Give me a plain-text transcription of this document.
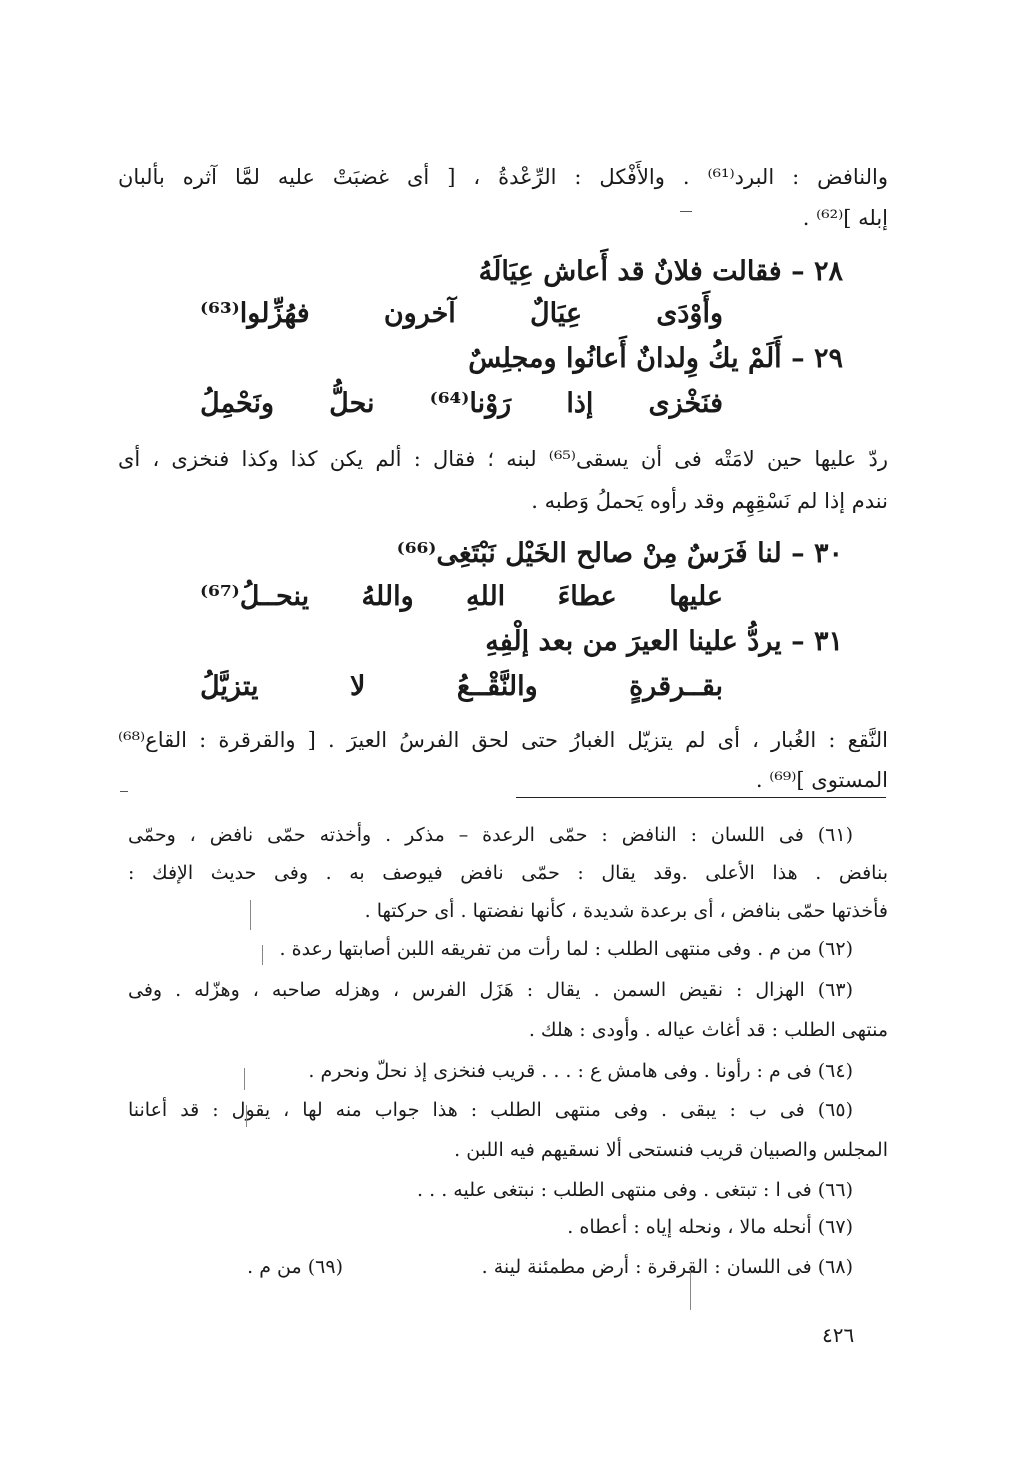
والنافض : البرد⁽⁶¹⁾ . والأَفْكل : الرِّعْدةُ ، [ أى غضبَتْ عليه لمَّا آثره بألبان
إبله ]⁽⁶²⁾ .
٢٨ – فقالت فلانٌ قد أَعاش عِيَالَهُ
وأَوْدَى عِيَالٌ آخرون فهُزِّلوا⁽⁶³⁾
٢٩ – أَلَمْ يكُ وِلدانٌ أَعانُوا ومجلِسٌ
فنَخْزى إذا رَوْنا⁽⁶⁴⁾ نحلُّ ونَحْمِلُ
ردّ عليها حين لامَتْه فى أن يسقى⁽⁶⁵⁾ لبنه ؛ فقال : ألم يكن كذا وكذا فنخزى ، أى
نندم إذا لم نَسْقِهِم وقد رأوه يَحملُ وَطبه .
٣٠ – لنا فَرَسٌ مِنْ صالح الخَيْل نَبْتَغِى⁽⁶⁶⁾
عليها عطاءَ اللهِ واللهُ ينحــلُ⁽⁶⁷⁾
٣١ – يردُّ علينا العيرَ من بعد إلْفِهِ
بقــرقرةٍ والنَّقْــعُ لا يتزيَّلُ
النَّقع : الغُبار ، أى لم يتزيّل الغبارُ حتى لحق الفرسُ العيرَ . [ والقرقرة : القاع⁽⁶⁸⁾
المستوى ]⁽⁶⁹⁾ .
(٦١) فى اللسان : النافض : حمّى الرعدة – مذكر . وأخذته حمّى نافض ، وحمّى
بنافض . هذا الأعلى .وقد يقال : حمّى نافض فيوصف به . وفى حديث الإفك :
فأخذتها حمّى بنافض ، أى برعدة شديدة ، كأنها نفضتها . أى حركتها .
(٦٢) من م . وفى منتهى الطلب : لما رأت من تفريقه اللبن أصابتها رعدة .
(٦٣) الهزال : نقيض السمن . يقال : هَزَل الفرس ، وهزله صاحبه ، وهزّله . وفى
منتهى الطلب : قد أغاث عياله . وأودى : هلك .
(٦٤) فى م : رأونا . وفى هامش ع : . . . قريب فنخزى إذ نحلّ ونحرم .
(٦٥) فى ب : يبقى . وفى منتهى الطلب : هذا جواب منه لها ، يقول : قد أعاننا
المجلس والصبيان قريب فنستحى ألا نسقيهم فيه اللبن .
(٦٦) فى ا : تبتغى . وفى منتهى الطلب : نبتغى عليه . . .
(٦٧) أنحله مالا ، ونحله إياه : أعطاه .
(٦٨) فى اللسان : القرقرة : أرض مطمئنة لينة .
(٦٩) من م .
٤٢٦
